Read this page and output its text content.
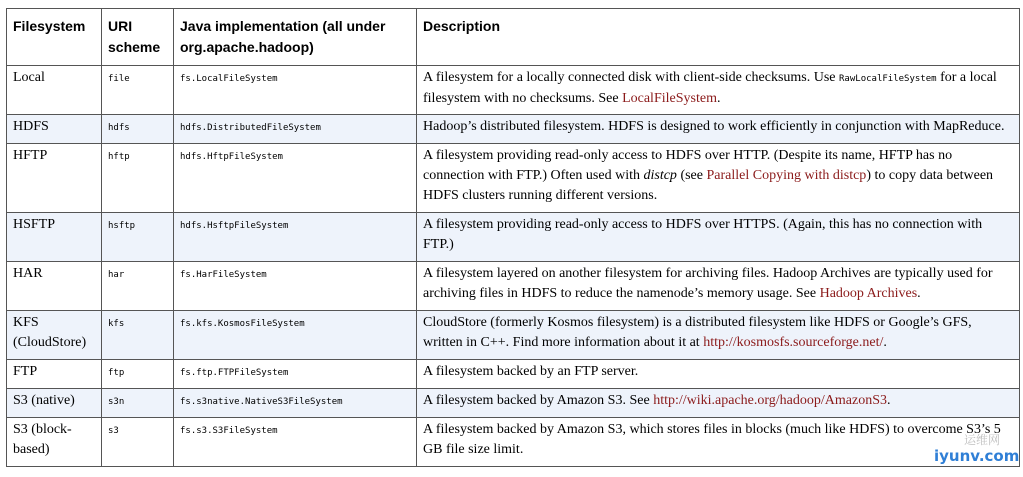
Filesystem	URI scheme	Java implementation (all under org.apache.hadoop)	Description
Local	file	fs.LocalFileSystem	A filesystem for a locally connected disk with client-side checksums. Use RawLocalFileSystem for a local filesystem with no checksums. See LocalFileSystem.
HDFS	hdfs	hdfs.DistributedFileSystem	Hadoop’s distributed filesystem. HDFS is designed to work efficiently in conjunction with MapReduce.
HFTP	hftp	hdfs.HftpFileSystem	A filesystem providing read-only access to HDFS over HTTP. (Despite its name, HFTP has no connection with FTP.) Often used with distcp (see Parallel Copying with distcp) to copy data between HDFS clusters running different versions.
HSFTP	hsftp	hdfs.HsftpFileSystem	A filesystem providing read-only access to HDFS over HTTPS. (Again, this has no connection with FTP.)
HAR	har	fs.HarFileSystem	A filesystem layered on another filesystem for archiving files. Hadoop Archives are typically used for archiving files in HDFS to reduce the namenode’s memory usage. See Hadoop Archives.
KFS (CloudStore)	kfs	fs.kfs.KosmosFileSystem	CloudStore (formerly Kosmos filesystem) is a distributed filesystem like HDFS or Google’s GFS, written in C++. Find more information about it at http://kosmosfs.sourceforge.net/.
FTP	ftp	fs.ftp.FTPFileSystem	A filesystem backed by an FTP server.
S3 (native)	s3n	fs.s3native.NativeS3FileSystem	A filesystem backed by Amazon S3. See http://wiki.apache.org/hadoop/AmazonS3.
S3 (block-based)	s3	fs.s3.S3FileSystem	A filesystem backed by Amazon S3, which stores files in blocks (much like HDFS) to overcome S3’s 5 GB file size limit.
运维网
iyunv.com
